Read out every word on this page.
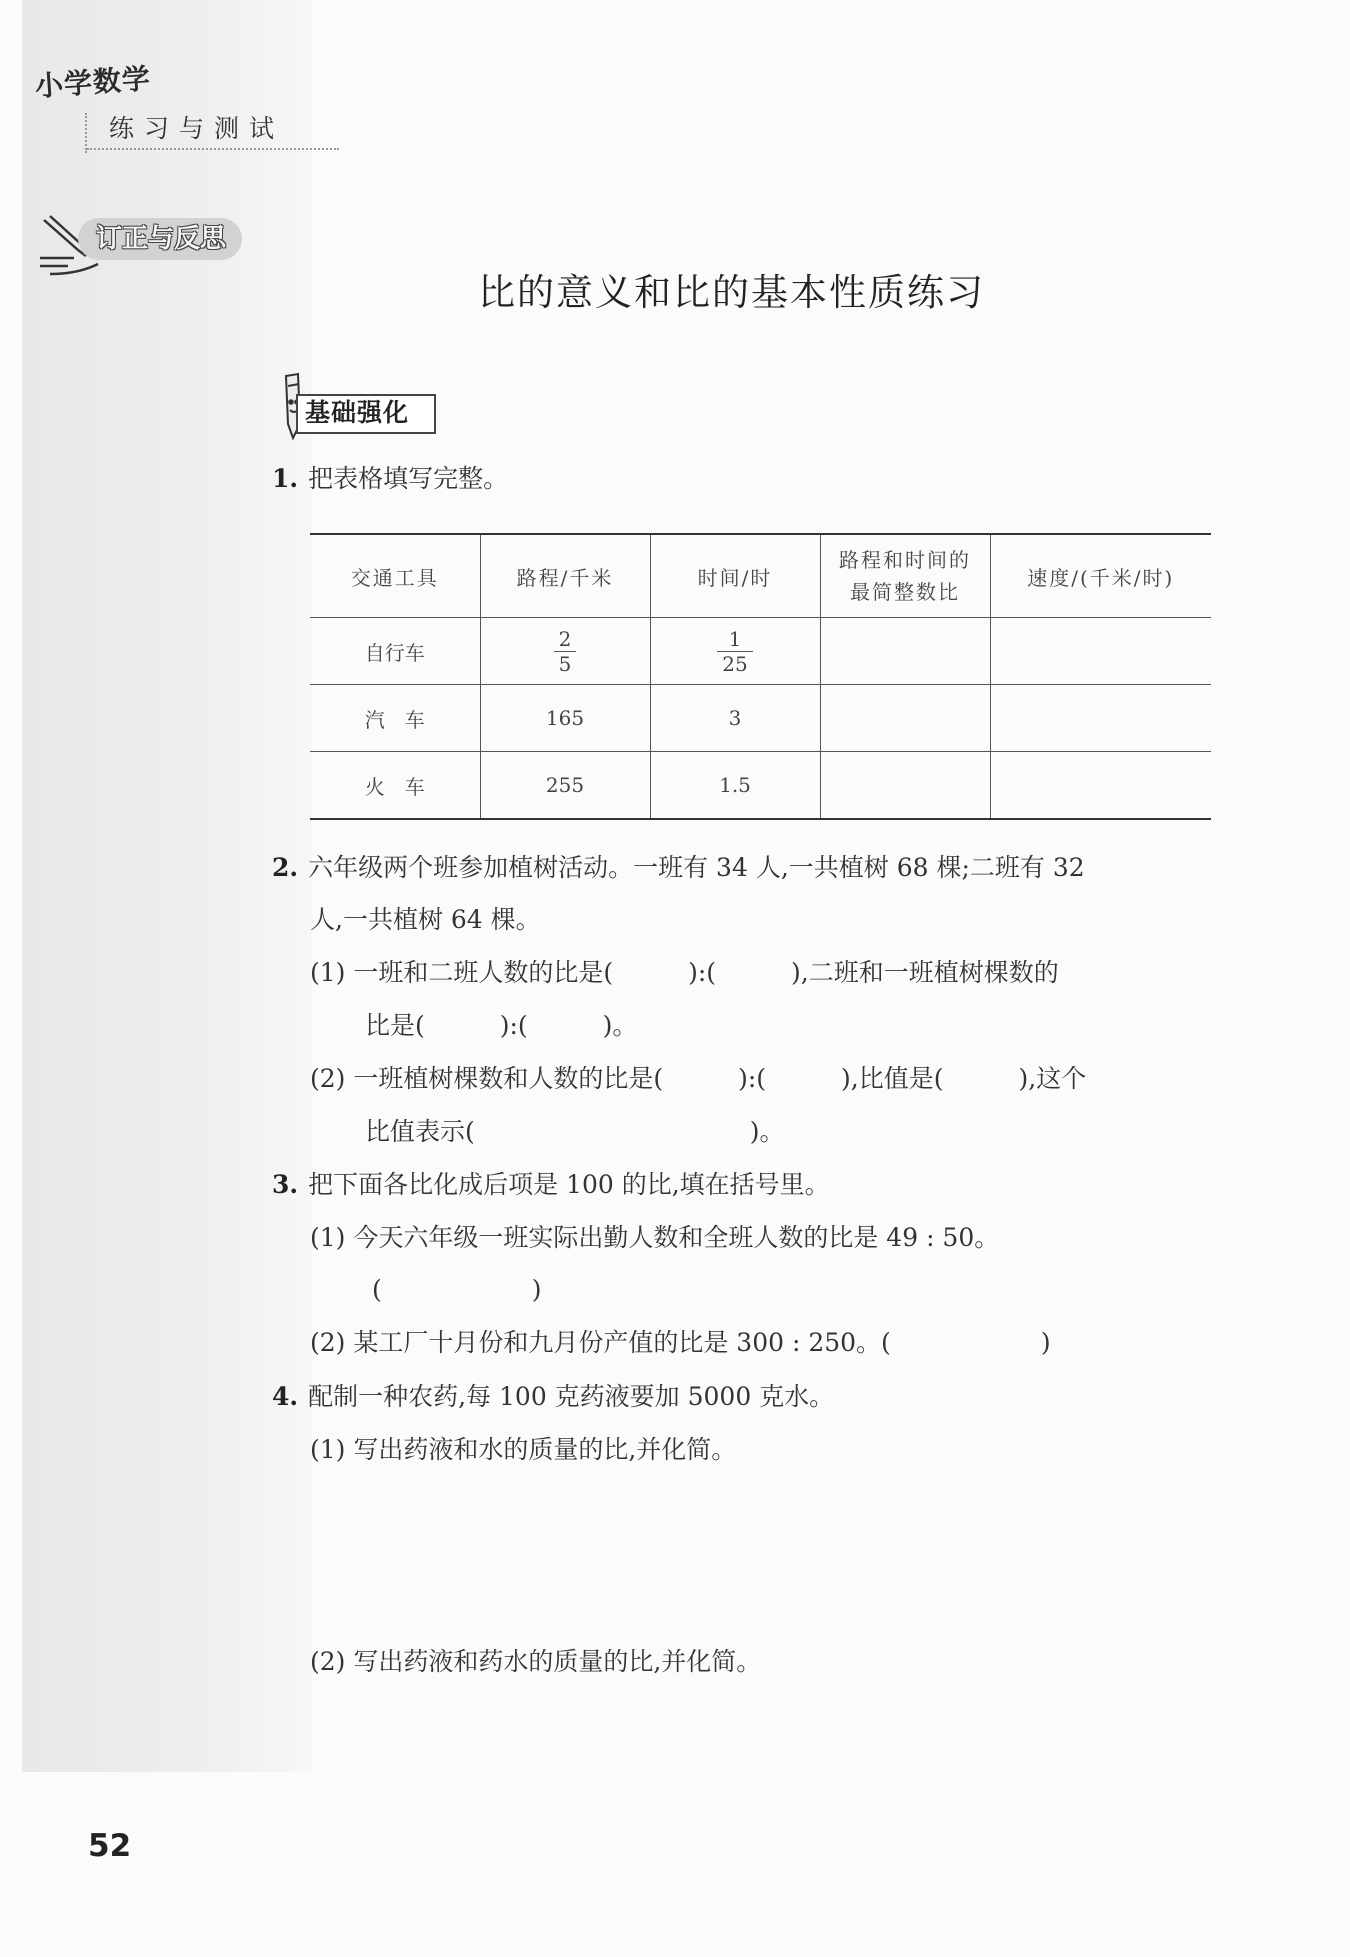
小学数学
练习与测试
订正与反思
比的意义和比的基本性质练习
基础强化
1. 把表格填写完整。
交通工具	路程/千米	时间/时	路程和时间的
最简整数比	速度/(千米/时)
自行车	$\frac{2}{5}$	$\frac{1}{25}$

汽　车	165	3		
火　车	255	1.5		
2. 六年级两个班参加植树活动。一班有 34 人,一共植树 68 棵;二班有 32
人,一共植树 64 棵。
(1) 一班和二班人数的比是(　　　):(　　　),二班和一班植树棵数的
比是(　　　):(　　　)。
(2) 一班植树棵数和人数的比是(　　　):(　　　),比值是(　　　),这个
比值表示(　　　　　　　　　　　)。
3. 把下面各比化成后项是 100 的比,填在括号里。
(1) 今天六年级一班实际出勤人数和全班人数的比是 49 : 50。
(　　　　　　)
(2) 某工厂十月份和九月份产值的比是 300 : 250。(　　　　　　)
4. 配制一种农药,每 100 克药液要加 5000 克水。
(1) 写出药液和水的质量的比,并化简。
(2) 写出药液和药水的质量的比,并化简。
52
